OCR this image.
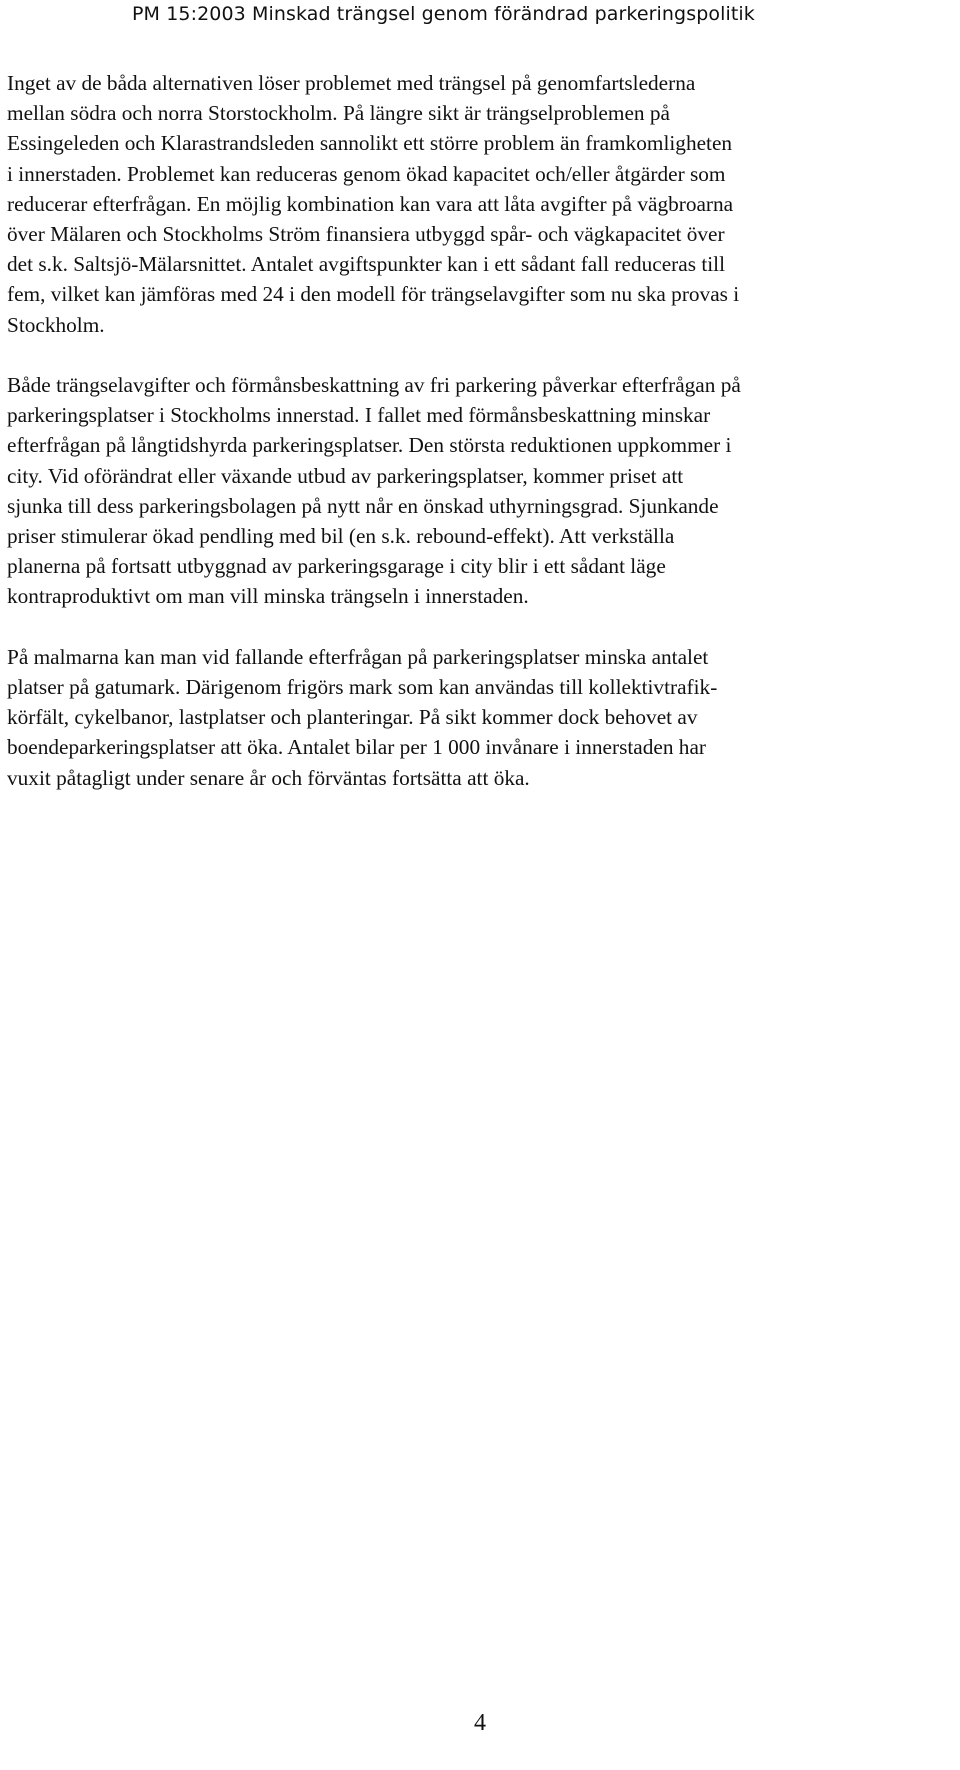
PM 15:2003 Minskad trängsel genom förändrad parkeringspolitik
Inget av de båda alternativen löser problemet med trängsel på genomfartslederna
mellan södra och norra Storstockholm. På längre sikt är trängselproblemen på
Essingeleden och Klarastrandsleden sannolikt ett större problem än framkomligheten
i innerstaden. Problemet kan reduceras genom ökad kapacitet och/eller åtgärder som
reducerar efterfrågan. En möjlig kombination kan vara att låta avgifter på vägbroarna
över Mälaren och Stockholms Ström finansiera utbyggd spår- och vägkapacitet över
det s.k. Saltsjö-Mälarsnittet. Antalet avgiftspunkter kan i ett sådant fall reduceras till
fem, vilket kan jämföras med 24 i den modell för trängselavgifter som nu ska provas i
Stockholm.
Både trängselavgifter och förmånsbeskattning av fri parkering påverkar efterfrågan på
parkeringsplatser i Stockholms innerstad. I fallet med förmånsbeskattning minskar
efterfrågan på långtidshyrda parkeringsplatser. Den största reduktionen uppkommer i
city. Vid oförändrat eller växande utbud av parkeringsplatser, kommer priset att
sjunka till dess parkeringsbolagen på nytt når en önskad uthyrningsgrad. Sjunkande
priser stimulerar ökad pendling med bil (en s.k. rebound-effekt). Att verkställa
planerna på fortsatt utbyggnad av parkeringsgarage i city blir i ett sådant läge
kontraproduktivt om man vill minska trängseln i innerstaden.
På malmarna kan man vid fallande efterfrågan på parkeringsplatser minska antalet
platser på gatumark. Därigenom frigörs mark som kan användas till kollektivtrafik-
körfält, cykelbanor, lastplatser och planteringar. På sikt kommer dock behovet av
boendeparkeringsplatser att öka. Antalet bilar per 1 000 invånare i innerstaden har
vuxit påtagligt under senare år och förväntas fortsätta att öka.
4
